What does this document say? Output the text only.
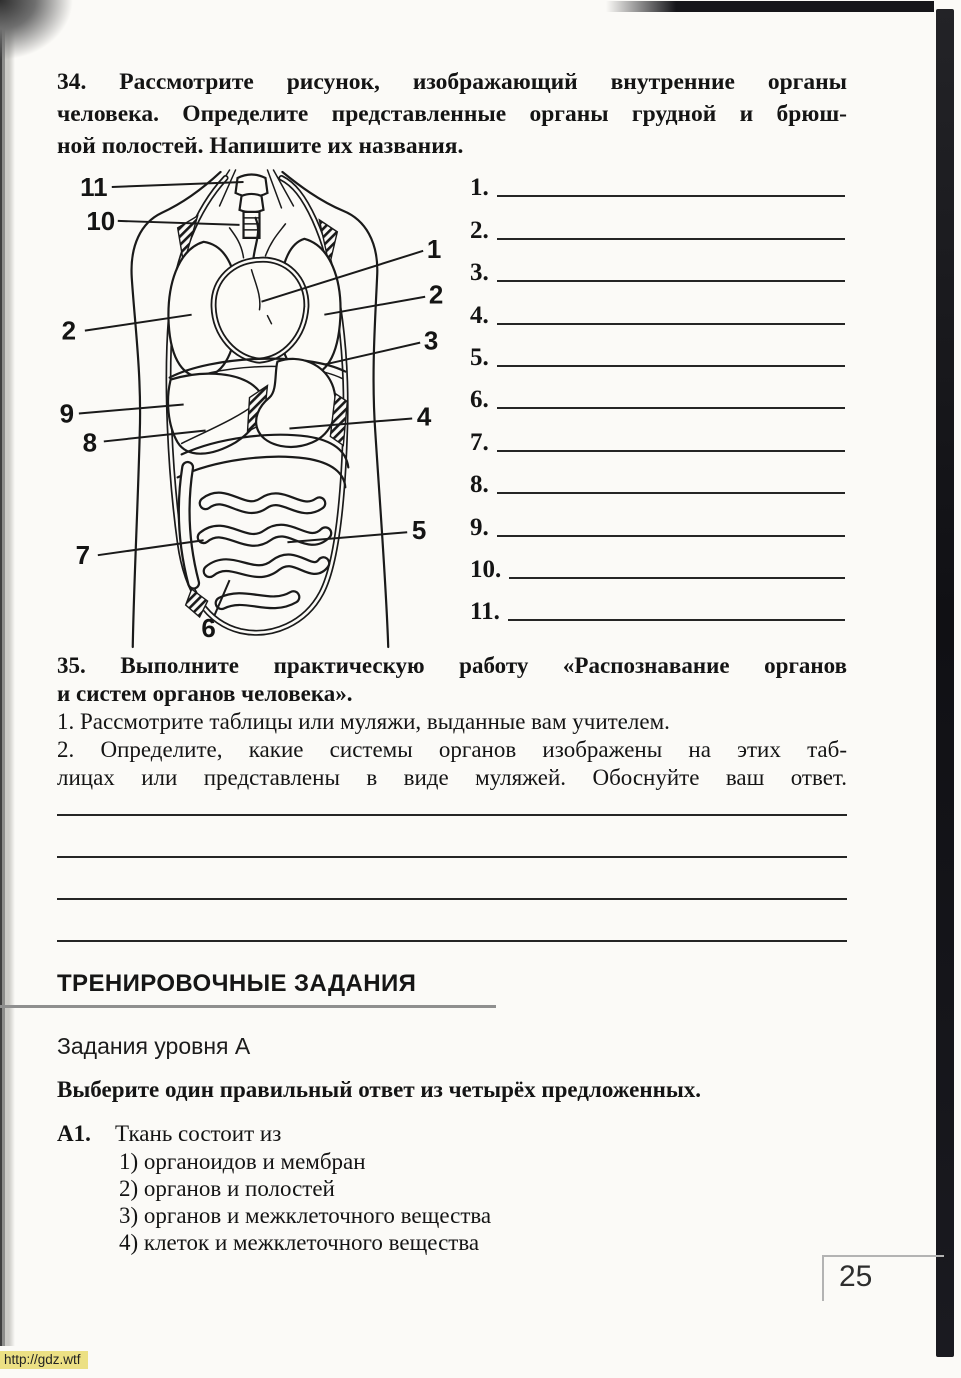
34. Рассмотрите рисунок, изображающий внутренние органы
человека. Определите представленные органы грудной и брюш-
ной полостей. Напишите их названия.
11
10
1
2
2	3
9
8
4
5
7
6
1.
2.
3.
4.
5.
6.
7.
8.
9.
10.
11.
35. Выполните практическую работу «Распознавание органов
и систем органов человека».
1. Рассмотрите таблицы или муляжи, выданные вам учителем.
2. Определите, какие системы органов изображены на этих таб-
лицах или представлены в виде муляжей. Обоснуйте ваш ответ.
ТРЕНИРОВОЧНЫЕ ЗАДАНИЯ
Задания уровня А
Выберите один правильный ответ из четырёх предложенных.
А1.	Ткань состоит из
1) органоидов и мембран
2) органов и полостей
3) органов и межклеточного вещества
4) клеток и межклеточного вещества
25
http://gdz.wtf
